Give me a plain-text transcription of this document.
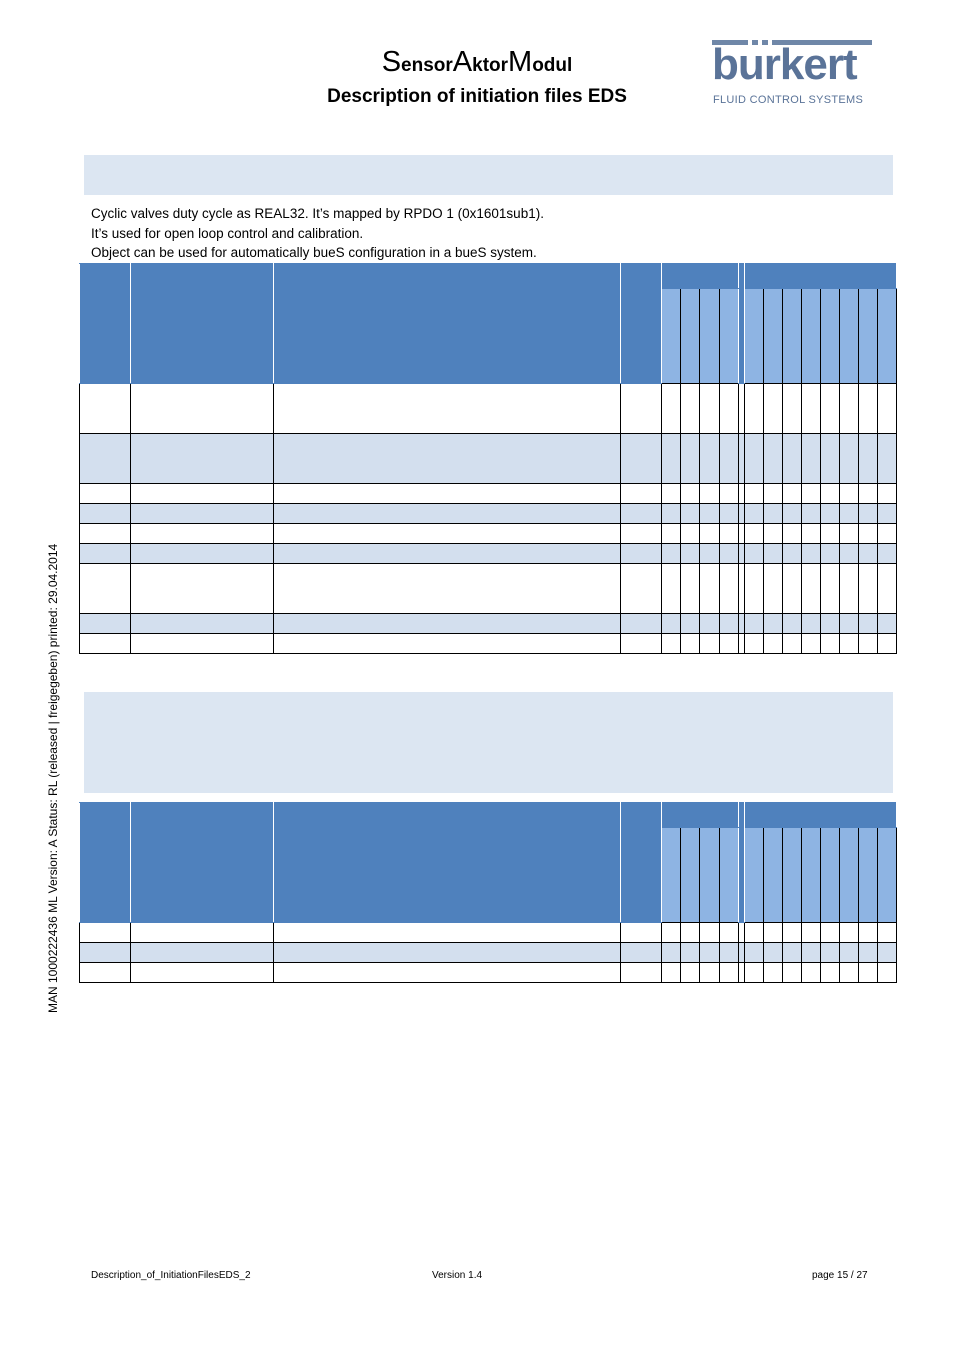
SensorAktorModul
Description of initiation files EDS
burkert
FLUID CONTROL SYSTEMS
Cyclic valves duty cycle as REAL32. It’s mapped by RPDO 1 (0x1601sub1).
It’s used for open loop control and calibration.
Object can be used for automatically bueS configuration in a bueS system.

MAN 1000222436 ML Version: A Status: RL (released | freigegeben) printed: 29.04.2014
Description_of_InitiationFilesEDS_2	Version 1.4	page 15 / 27
